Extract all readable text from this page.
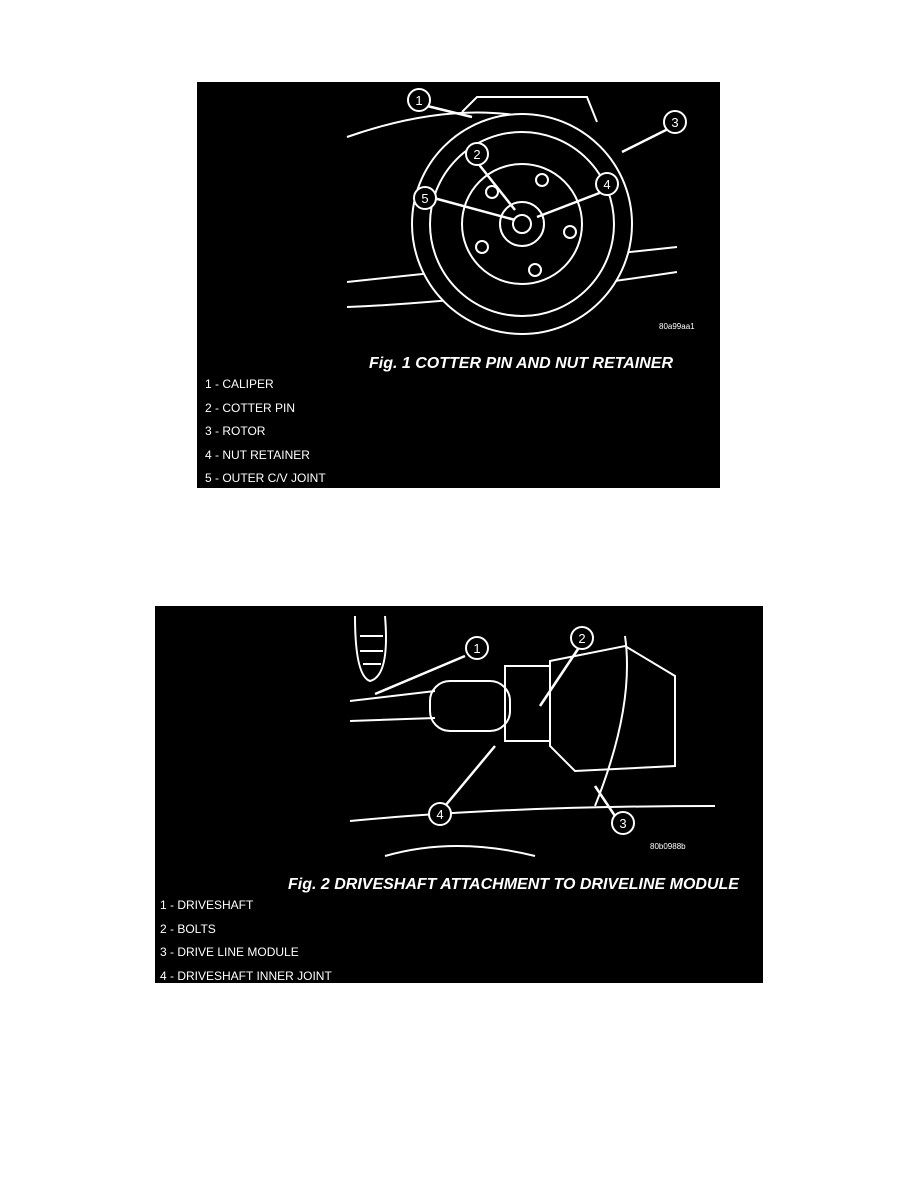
1
2
3
4
5
80a99aa1
Fig. 1 COTTER PIN AND NUT RETAINER
1 - CALIPER
2 - COTTER PIN
3 - ROTOR
4 - NUT RETAINER
5 - OUTER C/V JOINT
1
2
3
4
80b0988b
Fig. 2 DRIVESHAFT ATTACHMENT TO DRIVELINE MODULE
1 - DRIVESHAFT
2 - BOLTS
3 - DRIVE LINE MODULE
4 - DRIVESHAFT INNER JOINT
